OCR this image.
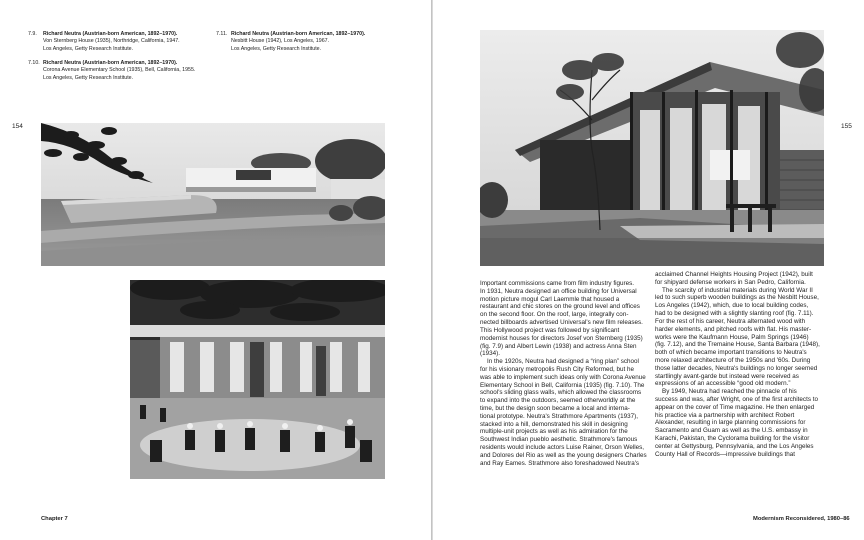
7.9. Richard Neutra (Austrian-born American, 1892–1970).
Von Sternberg House (1935), Northridge, California, 1947.
Los Angeles, Getty Research Institute.
7.10. Richard Neutra (Austrian-born American, 1892–1970).
Corona Avenue Elementary School (1935), Bell, California, 1955.
Los Angeles, Getty Research Institute.
7.11. Richard Neutra (Austrian-born American, 1892–1970).
Nesbitt House (1942), Los Angeles, 1967.
Los Angeles, Getty Research Institute.
154
Chapter 7
155
Important commissions came from film industry figures.
In 1931, Neutra designed an office building for Universal
motion picture mogul Carl Laemmle that housed a
restaurant and chic stores on the ground level and offices
on the second floor. On the roof, large, integrally con-
nected billboards advertised Universal's new film releases.
This Hollywood project was followed by significant
modernist houses for directors Josef von Sternberg (1935)
(fig. 7.9) and Albert Lewin (1938) and actress Anna Sten
(1934).
In the 1920s, Neutra had designed a “ring plan” school
for his visionary metropolis Rush City Reformed, but he
was able to implement such ideas only with Corona Avenue
Elementary School in Bell, California (1935) (fig. 7.10). The
school's sliding glass walls, which allowed the classrooms
to expand into the outdoors, seemed otherworldly at the
time, but the design soon became a local and interna-
tional prototype. Neutra's Strathmore Apartments (1937),
stacked into a hill, demonstrated his skill in designing
multiple-unit projects as well as his admiration for the
Southwest Indian pueblo aesthetic. Strathmore's famous
residents would include actors Luise Rainer, Orson Welles,
and Dolores del Rio as well as the young designers Charles
and Ray Eames. Strathmore also foreshadowed Neutra's
acclaimed Channel Heights Housing Project (1942), built
for shipyard defense workers in San Pedro, California.
The scarcity of industrial materials during World War II
led to such superb wooden buildings as the Nesbitt House,
Los Angeles (1942), which, due to local building codes,
had to be designed with a slightly slanting roof (fig. 7.11).
For the rest of his career, Neutra alternated wood with
harder elements, and pitched roofs with flat. His master-
works were the Kaufmann House, Palm Springs (1946)
(fig. 7.12), and the Tremaine House, Santa Barbara (1948),
both of which became important transitions to Neutra's
more relaxed architecture of the 1950s and '60s. During
those latter decades, Neutra's buildings no longer seemed
startlingly avant-garde but instead were received as
expressions of an accessible “good old modern.”
By 1949, Neutra had reached the pinnacle of his
success and was, after Wright, one of the first architects to
appear on the cover of Time magazine. He then enlarged
his practice via a partnership with architect Robert
Alexander, resulting in large planning commissions for
Sacramento and Guam as well as the U.S. embassy in
Karachi, Pakistan, the Cyclorama building for the visitor
center at Gettysburg, Pennsylvania, and the Los Angeles
County Hall of Records—impressive buildings that
Modernism Reconsidered, 1980–86
